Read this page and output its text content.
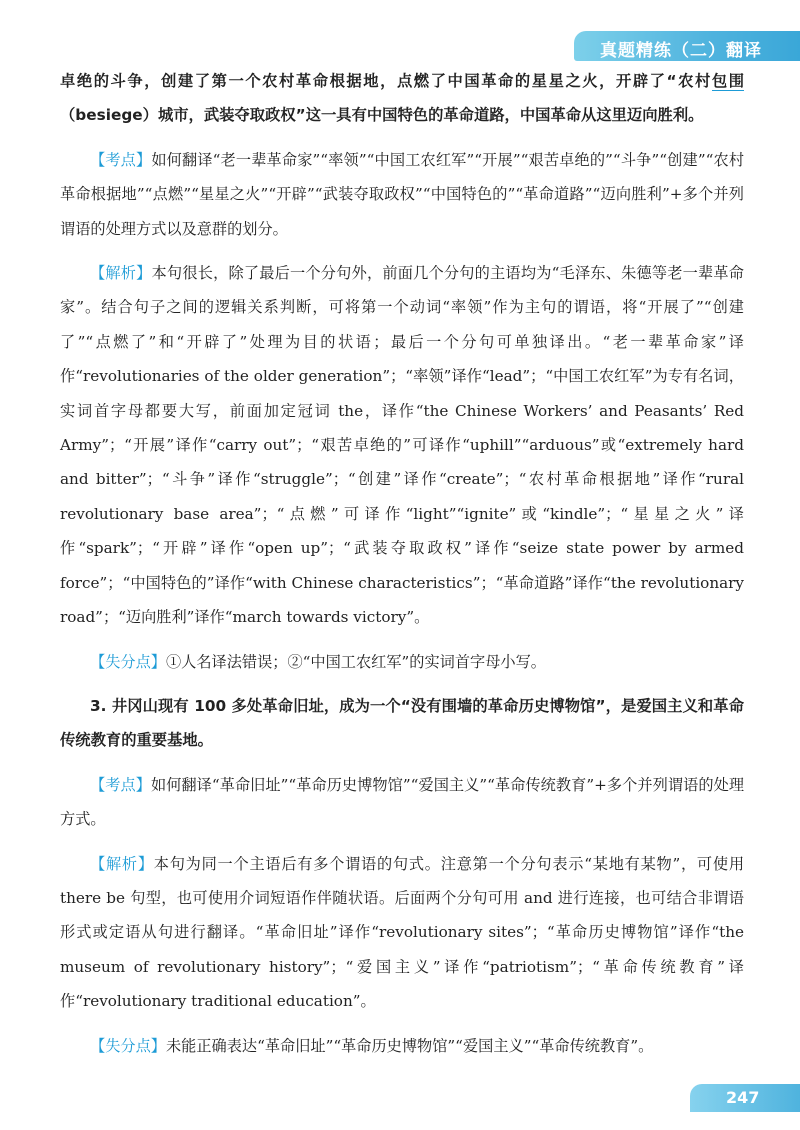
真题精练（二）翻译

卓绝的斗争，创建了第一个农村革命根据地，点燃了中国革命的星星之火，开辟了“农村包围（besiege）城市，武装夺取政权”这一具有中国特色的革命道路，中国革命从这里迈向胜利。

【考点】如何翻译“老一辈革命家”“率领”“中国工农红军”“开展”“艰苦卓绝的”“斗争”“创建”“农村革命根据地”“点燃”“星星之火”“开辟”“武装夺取政权”“中国特色的”“革命道路”“迈向胜利”+多个并列谓语的处理方式以及意群的划分。

【解析】本句很长，除了最后一个分句外，前面几个分句的主语均为“毛泽东、朱德等老一辈革命家”。结合句子之间的逻辑关系判断，可将第一个动词“率领”作为主句的谓语，将“开展了”“创建了”“点燃了”和“开辟了”处理为目的状语；最后一个分句可单独译出。“老一辈革命家”译作“revolutionaries of the older generation”；“率领”译作“lead”；“中国工农红军”为专有名词，实词首字母都要大写，前面加定冠词 the，译作“the Chinese Workers’ and Peasants’ Red Army”；“开展”译作“carry out”；“艰苦卓绝的”可译作“uphill”“arduous”或“extremely hard and bitter”；“斗争”译作“struggle”；“创建”译作“create”；“农村革命根据地”译作“rural revolutionary base area”；“点燃”可译作“light”“ignite”或“kindle”；“星星之火”译作“spark”；“开辟”译作“open up”；“武装夺取政权”译作“seize state power by armed force”；“中国特色的”译作“with Chinese characteristics”；“革命道路”译作“the revolutionary road”；“迈向胜利”译作“march towards victory”。

【失分点】①人名译法错误；②“中国工农红军”的实词首字母小写。

3. 井冈山现有 100 多处革命旧址，成为一个“没有围墙的革命历史博物馆”，是爱国主义和革命传统教育的重要基地。

【考点】如何翻译“革命旧址”“革命历史博物馆”“爱国主义”“革命传统教育”+多个并列谓语的处理方式。

【解析】本句为同一个主语后有多个谓语的句式。注意第一个分句表示“某地有某物”，可使用 there be 句型，也可使用介词短语作伴随状语。后面两个分句可用 and 进行连接，也可结合非谓语形式或定语从句进行翻译。“革命旧址”译作“revolutionary sites”；“革命历史博物馆”译作“the museum of revolutionary history”；“爱国主义”译作“patriotism”；“革命传统教育”译作“revolutionary traditional education”。

【失分点】未能正确表达“革命旧址”“革命历史博物馆”“爱国主义”“革命传统教育”。

247
